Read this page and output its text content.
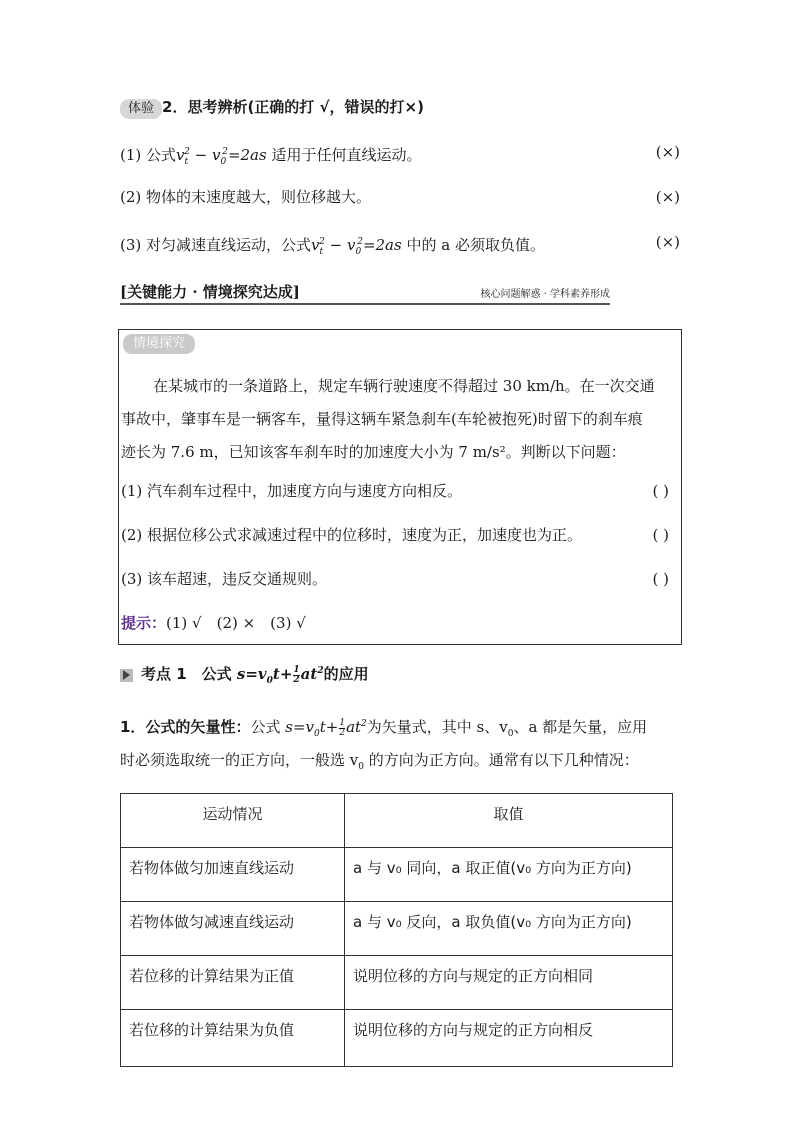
体验 2．思考辨析(正确的打 √，错误的打×)
(1) 公式$v_t^2 - v_0^2=2as$ 适用于任何直线运动。	(×)
(2) 物体的末速度越大，则位移越大。	(×)
(3) 对匀减速直线运动，公式$v_t^2 - v_0^2=2as$ 中的 a 必须取负值。	(×)
[关键能力 · 情境探究达成]	核心问题解惑 · 学科素养形成
情境探究
在某城市的一条道路上，规定车辆行驶速度不得超过 30 km/h。在一次交通
事故中，肇事车是一辆客车，量得这辆车紧急刹车(车轮被抱死)时留下的刹车痕
迹长为 7.6 m，已知该客车刹车时的加速度大小为 7 m/s²。判断以下问题：
(1) 汽车刹车过程中，加速度方向与速度方向相反。	( )
(2) 根据位移公式求减速过程中的位移时，速度为正，加速度也为正。	( )
(3) 该车超速，违反交通规则。	( )
提示：(1) √　(2) ×　(3) √
考点 1　公式 $s=v_0t+ \frac{1}{2} at^2$的应用
1．公式的矢量性：公式 $s=v_0t+ \frac{1}{2} at^2$为矢量式，其中 s、$v_0$、a 都是矢量，应用
时必须选取统一的正方向，一般选 $v_0$ 的方向为正方向。通常有以下几种情况：
运动情况	取值
若物体做匀加速直线运动	a 与 v₀ 同向，a 取正值(v₀ 方向为正方向)
若物体做匀减速直线运动	a 与 v₀ 反向，a 取负值(v₀ 方向为正方向)
若位移的计算结果为正值	说明位移的方向与规定的正方向相同
若位移的计算结果为负值	说明位移的方向与规定的正方向相反
